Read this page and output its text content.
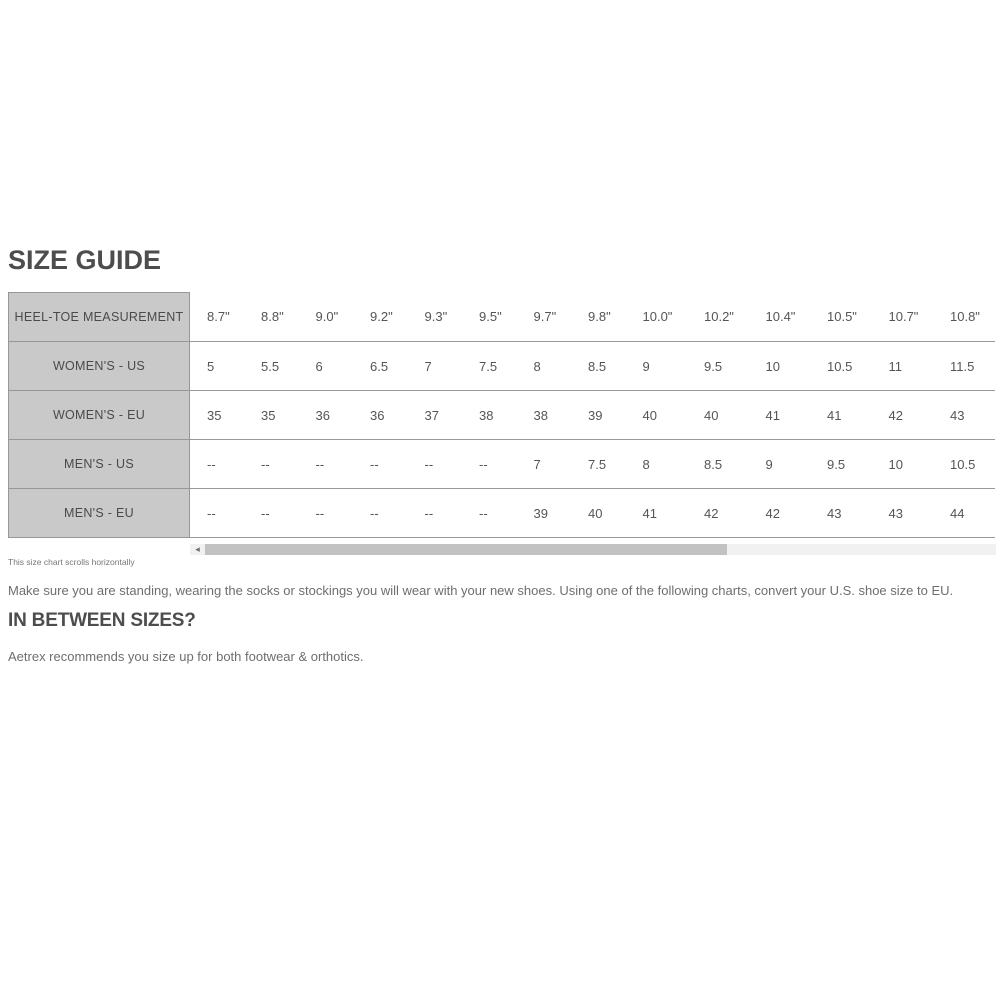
SIZE GUIDE
HEEL-TOE MEASUREMENT	8.7"	8.8"	9.0"	9.2"	9.3"	9.5"	9.7"	9.8"	10.0"	10.2"	10.4"	10.5"	10.7"	10.8"
WOMEN'S - US	5	5.5	6	6.5	7	7.5	8	8.5	9	9.5	10	10.5	11	11.5
WOMEN'S - EU	35	35	36	36	37	38	38	39	40	40	41	41	42	43
MEN'S - US	--	--	--	--	--	--	7	7.5	8	8.5	9	9.5	10	10.5
MEN'S - EU	--	--	--	--	--	--	39	40	41	42	42	43	43	44
◂
This size chart scrolls horizontally
Make sure you are standing, wearing the socks or stockings you will wear with your new shoes. Using one of the following charts, convert your U.S. shoe size to EU.
IN BETWEEN SIZES?
Aetrex recommends you size up for both footwear & orthotics.
